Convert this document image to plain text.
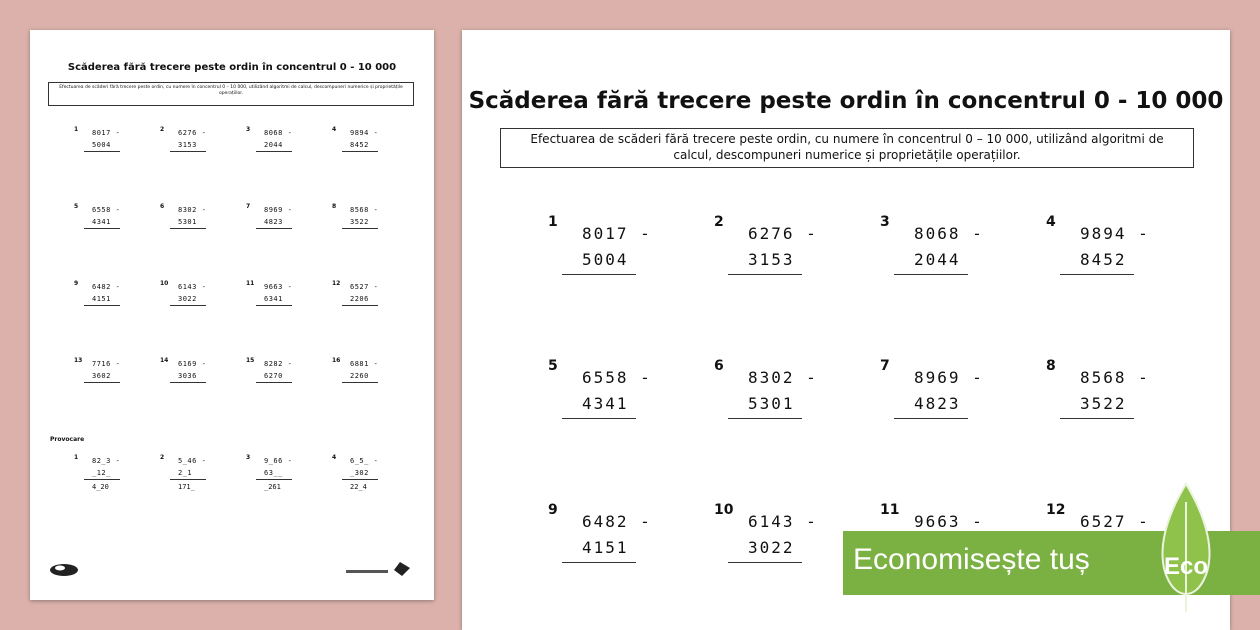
Scăderea fără trecere peste ordin în concentrul 0 - 10 000
Efectuarea de scăderi fără trecere peste ordin, cu numere în concentrul 0 – 10 000, utilizând algoritmi de calcul, descompuneri numerice și proprietățile operațiilor.
1 8017 -
5004
2 6276 -
3153
3 8068 -
2044
4 9894 -
8452
5 6558 -
4341
6 8302 -
5301
7 8969 -
4823
8 8568 -
3522
9 6482 -
4151
10 6143 -
3022
11 9663 -
6341
12 6527 -
2206
13 7716 -
3602
14 6169 -
3036
15 8282 -
6270
16 6881 -
2260
Provocare
1 82_3 -
_12_
4_20
2 5_46 -
2_1
171_
3 9_66 -
63__
_261
4 6_5_ -
_302
22_4
Scăderea fără trecere peste ordin în concentrul 0 - 10 000
Efectuarea de scăderi fără trecere peste ordin, cu numere în concentrul 0 – 10 000, utilizând algoritmi de calcul, descompuneri numerice și proprietățile operațiilor.
1
8017 -
5004
2
6276 -
3153
3
8068 -
2044
4
9894 -
8452
5
6558 -
4341
6
8302 -
5301
7
8969 -
4823
8
8568 -
3522
9
6482 -
4151
10
6143 -
3022
11
9663 -
12
6527 -
Economisește tuș	Eco
